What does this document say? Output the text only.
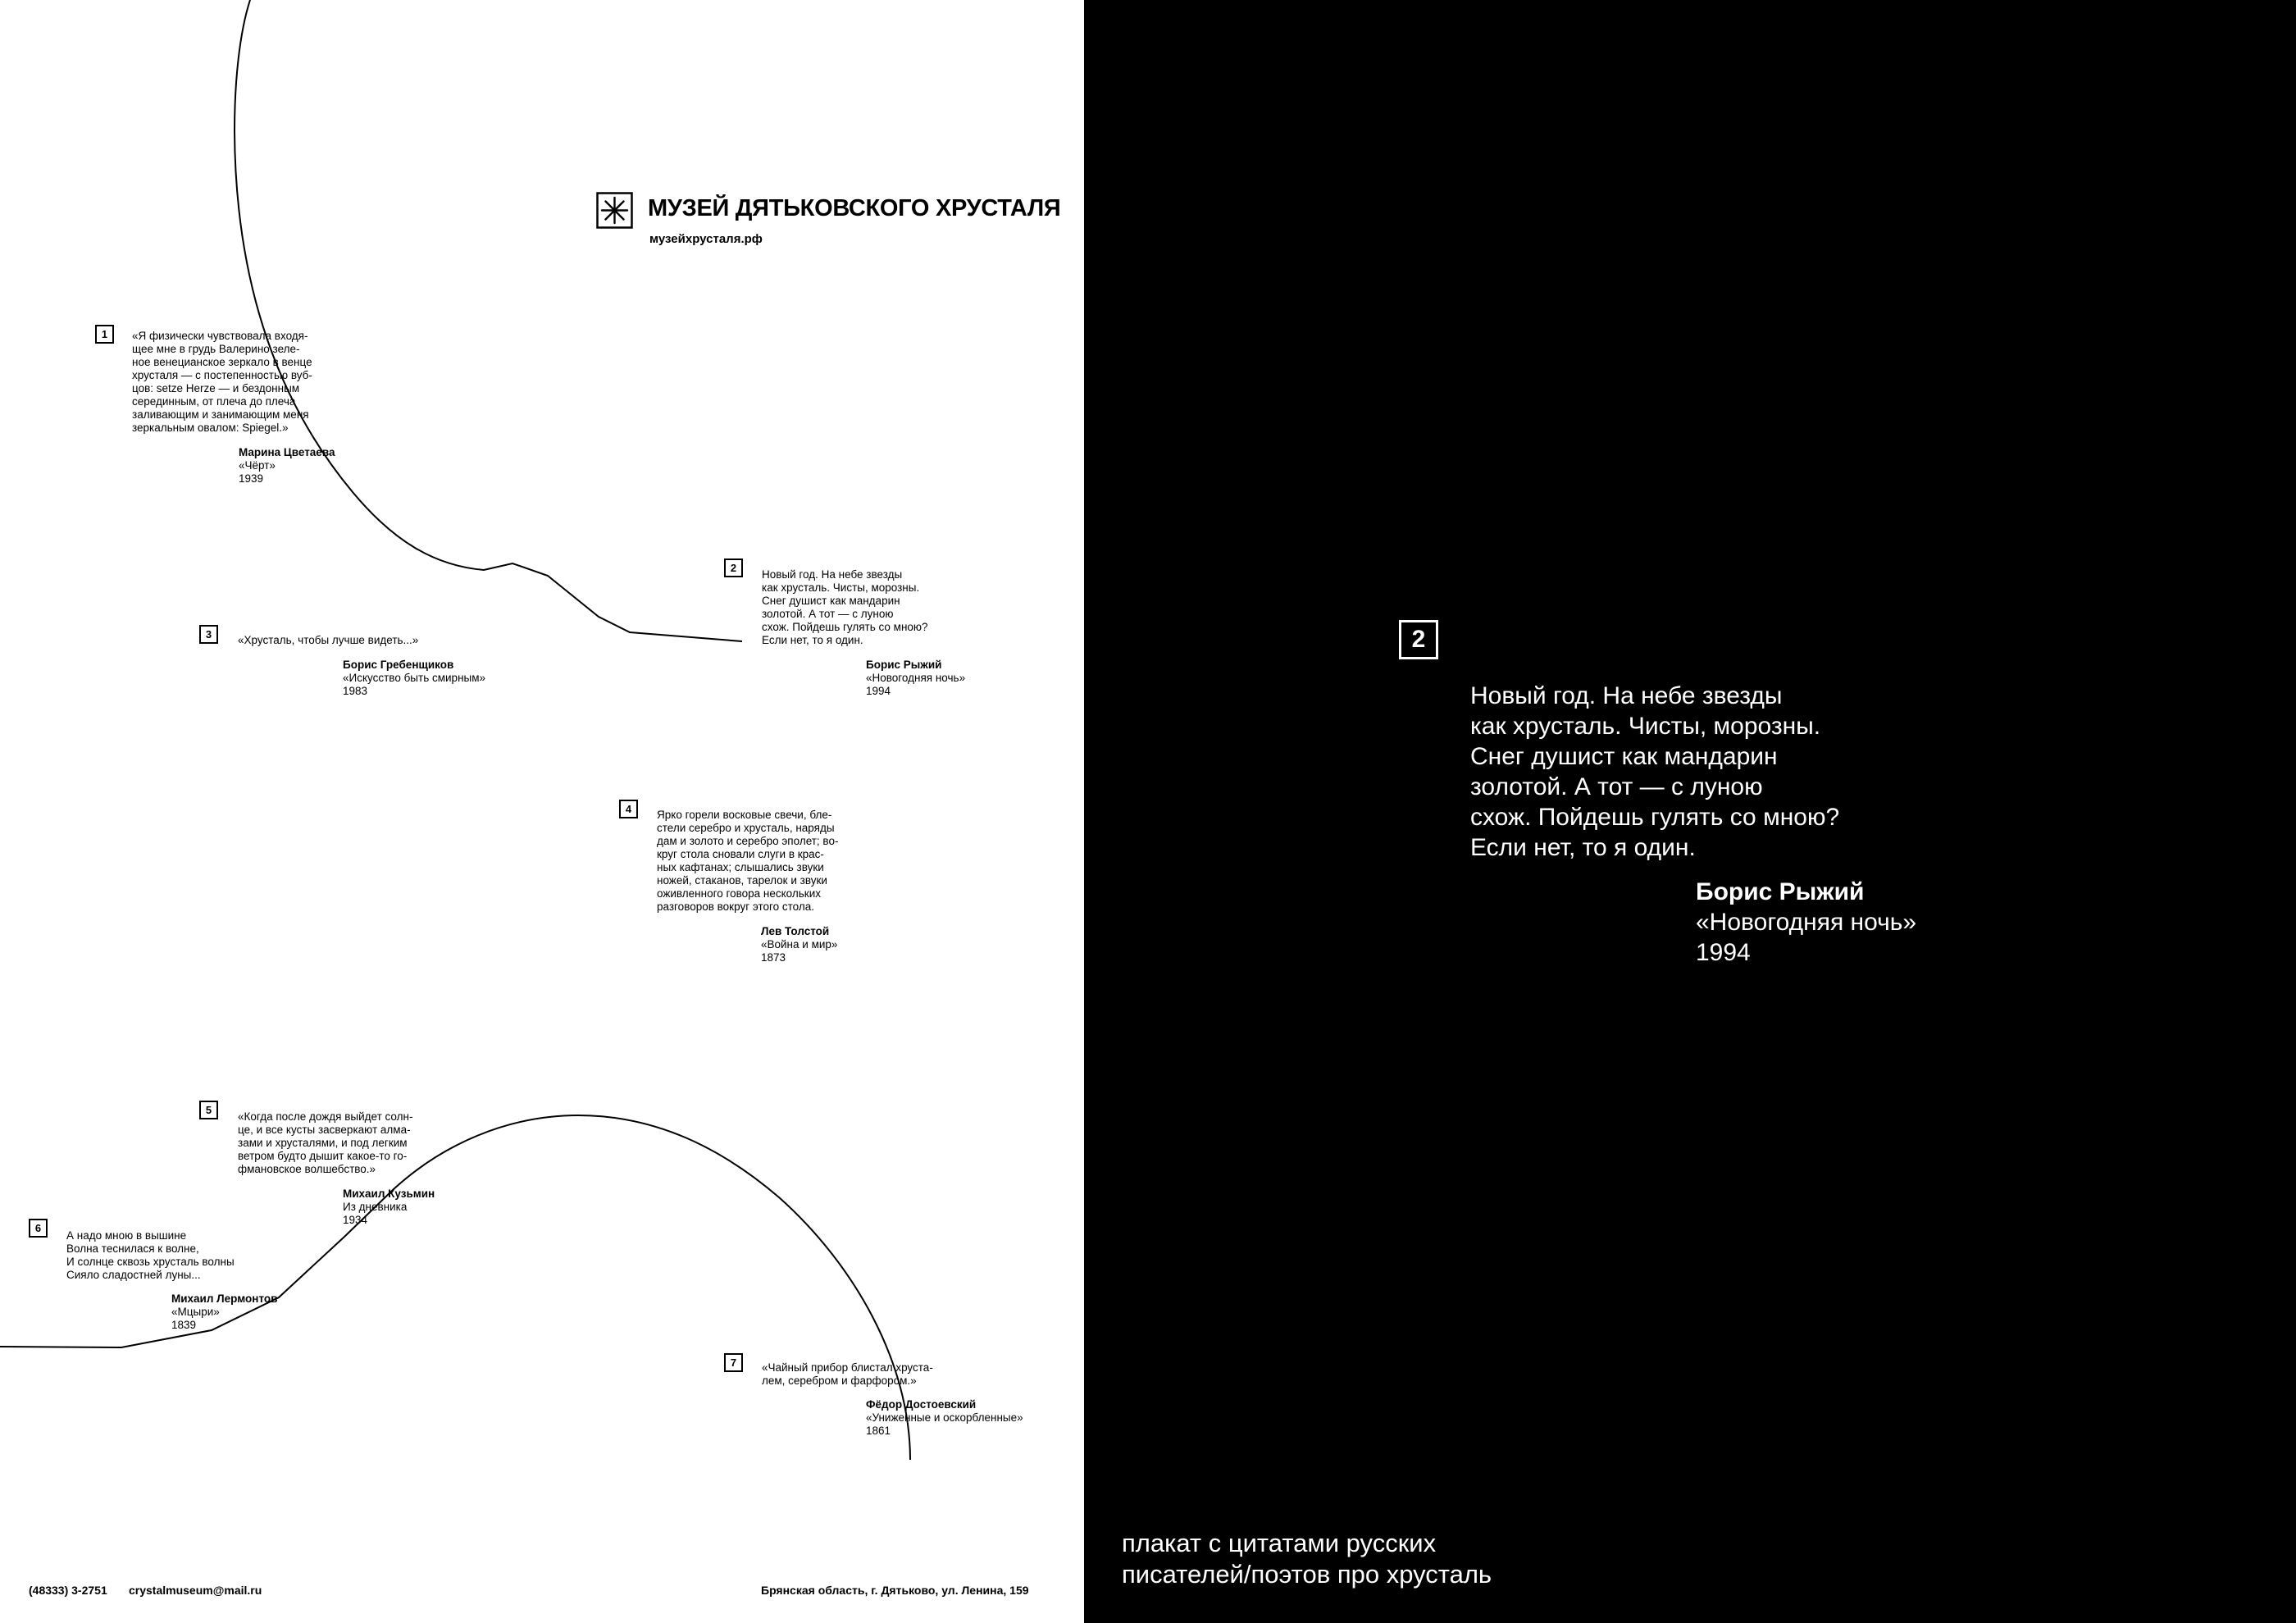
МУЗЕЙ ДЯТЬКОВСКОГО ХРУСТАЛЯ
музейхрусталя.рф
1	«Я физически чувствовала входя-
щее мне в грудь Валерино зеле-
ное венецианское зеркало в венце
хрусталя — с постепенностью вуб-
цов: setze Herze — и бездонным
серединным, от плеча до плеча
заливающим и занимающим меня
зеркальным овалом: Spiegel.»
Марина Цветаева
«Чёрт»
1939
2
Новый год. На небе звезды
как хрусталь. Чисты, морозны.
Снег душист как мандарин
золотой. А тот — с луною
схож. Пойдешь гулять со мною?
Если нет, то я один.
Борис Рыжий
«Новогодняя ночь»
1994
3	«Хрусталь, чтобы лучше видеть...»
Борис Гребенщиков
«Искусство быть смирным»
1983
4	Ярко горели восковые свечи, бле-
стели серебро и хрусталь, наряды
дам и золото и серебро эполет; во-
круг стола сновали слуги в крас-
ных кафтанах; слышались звуки
ножей, стаканов, тарелок и звуки
оживленного говора нескольких
разговоров вокруг этого стола.
Лев Толстой
«Война и мир»
1873
5
«Когда после дождя выйдет солн-
це, и все кусты засверкают алма-
зами и хрусталями, и под легким
ветром будто дышит какое-то го-
фмановское волшебство.»
Михаил Кузьмин
Из дневника
1934
6
А надо мною в вышине
Волна теснилася к волне,
И солнце сквозь хрусталь волны
Сияло сладостней луны...
Михаил Лермонтов
«Мцыри»
1839
7	«Чайный прибор блистал хруста-
лем, серебром и фарфором.»
Фёдор Достоевский
«Униженные и оскорбленные»
1861
(48333) 3-2751 crystalmuseum@mail.ru	Брянская область, г. Дятьково, ул. Ленина, 159
2
Новый год. На небе звезды
как хрусталь. Чисты, морозны.
Снег душист как мандарин
золотой. А тот — с луною
схож. Пойдешь гулять со мною?
Если нет, то я один.
Борис Рыжий
«Новогодняя ночь»
1994
плакат с цитатами русских
писателей/поэтов про хрусталь
